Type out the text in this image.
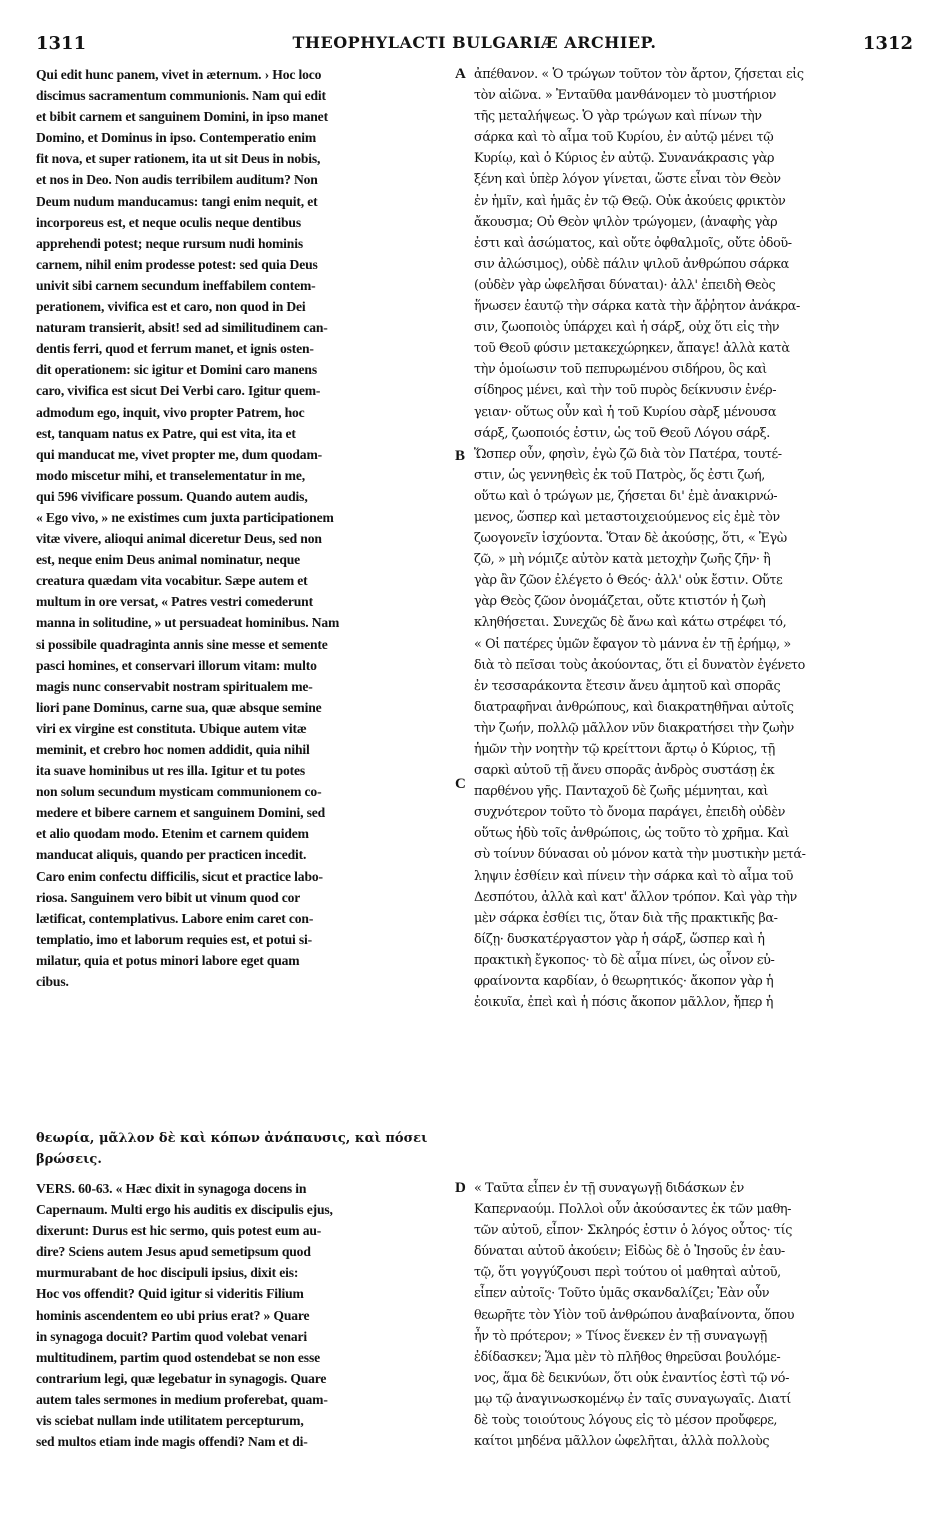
1311	THEOPHYLACTI BULGARIÆ ARCHIEP.	1312
Qui edit hunc panem, vivet in æternum. › Hoc loco
discimus sacramentum communionis. Nam qui edit
et bibit carnem et sanguinem Domini, in ipso manet
Domino, et Dominus in ipso. Contemperatio enim
fit nova, et super rationem, ita ut sit Deus in nobis,
et nos in Deo. Non audis terribilem auditum? Non
Deum nudum manducamus: tangi enim nequit, et
incorporeus est, et neque oculis neque dentibus
apprehendi potest; neque rursum nudi hominis
carnem, nihil enim prodesse potest: sed quia Deus
univit sibi carnem secundum ineffabilem contem-
perationem, vivifica est et caro, non quod in Dei
naturam transierit, absit! sed ad similitudinem can-
dentis ferri, quod et ferrum manet, et ignis osten-
dit operationem: sic igitur et Domini caro manens
caro, vivifica est sicut Dei Verbi caro. Igitur quem-
admodum ego, inquit, vivo propter Patrem, hoc
est, tanquam natus ex Patre, qui est vita, ita et
qui manducat me, vivet propter me, dum quodam-
modo miscetur mihi, et transelementatur in me,
qui 596 vivificare possum. Quando autem audis,
« Ego vivo, » ne existimes cum juxta participationem
vitæ vivere, alioqui animal diceretur Deus, sed non
est, neque enim Deus animal nominatur, neque
creatura quædam vita vocabitur. Sæpe autem et
multum in ore versat, « Patres vestri comederunt
manna in solitudine, » ut persuadeat hominibus. Nam
si possibile quadraginta annis sine messe et semente
pasci homines, et conservari illorum vitam: multo
magis nunc conservabit nostram spiritualem me-
liori pane Dominus, carne sua, quæ absque semine
viri ex virgine est constituta. Ubique autem vitæ
meminit, et crebro hoc nomen addidit, quia nihil
ita suave hominibus ut res illa. Igitur et tu potes
non solum secundum mysticam communionem co-
medere et bibere carnem et sanguinem Domini, sed
et alio quodam modo. Etenim et carnem quidem
manducat aliquis, quando per practicen incedit.
Caro enim confectu difficilis, sicut et practice labo-
riosa. Sanguinem vero bibit ut vinum quod cor
lætificat, contemplativus. Labore enim caret con-
templatio, imo et laborum requies est, et potui si-
milatur, quia et potus minori labore eget quam
cibus.
θεωρία, μᾶλλον δὲ καὶ κόπων ἀνάπαυσις, καὶ πόσει
βρώσεις.
VERS. 60-63. « Hæc dixit in synagoga docens in
Capernaum. Multi ergo his auditis ex discipulis ejus,
dixerunt: Durus est hic sermo, quis potest eum au-
dire? Sciens autem Jesus apud semetipsum quod
murmurabant de hoc discipuli ipsius, dixit eis:
Hoc vos offendit? Quid igitur si videritis Filium
hominis ascendentem eo ubi prius erat? » Quare
in synagoga docuit? Partim quod volebat venari
multitudinem, partim quod ostendebat se non esse
contrarium legi, quæ legebatur in synagogis. Quare
autem tales sermones in medium proferebat, quam-
vis sciebat nullam inde utilitatem percepturum,
sed multos etiam inde magis offendi? Nam et di-
ἀπέθανον. « Ὁ τρώγων τοῦτον τὸν ἄρτον, ζήσεται εἰς
τὸν αἰῶνα. » Ἐνταῦθα μανθάνομεν τὸ μυστήριον
τῆς μεταλήψεως. Ὁ γὰρ τρώγων καὶ πίνων τὴν
σάρκα καὶ τὸ αἷμα τοῦ Κυρίου, ἐν αὐτῷ μένει τῷ
Κυρίῳ, καὶ ὁ Κύριος ἐν αὐτῷ. Συνανάκρασις γὰρ
ξένη καὶ ὑπὲρ λόγον γίνεται, ὥστε εἶναι τὸν Θεὸν
ἐν ἡμῖν, καὶ ἡμᾶς ἐν τῷ Θεῷ. Οὐκ ἀκούεις φρικτὸν
ἄκουσμα; Οὐ Θεὸν ψιλὸν τρώγομεν, (ἀναφὴς γὰρ
ἐστι καὶ ἀσώματος, καὶ οὔτε ὀφθαλμοῖς, οὔτε ὀδοῦ-
σιν ἀλώσιμος), οὐδὲ πάλιν ψιλοῦ ἀνθρώπου σάρκα
(οὐδὲν γὰρ ὠφελῆσαι δύναται)· ἀλλ' ἐπειδὴ Θεὸς
ἥνωσεν ἑαυτῷ τὴν σάρκα κατὰ τὴν ἄῤῥητον ἀνάκρα-
σιν, ζωοποιὸς ὑπάρχει καὶ ἡ σάρξ, οὐχ ὅτι εἰς τὴν
τοῦ Θεοῦ φύσιν μετακεχώρηκεν, ἄπαγε! ἀλλὰ κατὰ
τὴν ὁμοίωσιν τοῦ πεπυρωμένου σιδήρου, ὃς καὶ
σίδηρος μένει, καὶ τὴν τοῦ πυρὸς δείκνυσιν ἐνέρ-
γειαν· οὕτως οὖν καὶ ἡ τοῦ Κυρίου σὰρξ μένουσα
σάρξ, ζωοποιός ἐστιν, ὡς τοῦ Θεοῦ Λόγου σάρξ.
Ὥσπερ οὖν, φησὶν, ἐγὼ ζῶ διὰ τὸν Πατέρα, τουτέ-
στιν, ὡς γεννηθεὶς ἐκ τοῦ Πατρὸς, ὅς ἐστι ζωή,
οὕτω καὶ ὁ τρώγων με, ζήσεται δι' ἐμὲ ἀνακιρνώ-
μενος, ὥσπερ καὶ μεταστοιχειούμενος εἰς ἐμὲ τὸν
ζωογονεῖν ἰσχύοντα. Ὅταν δὲ ἀκούσῃς, ὅτι, « Ἐγὼ
ζῶ, » μὴ νόμιζε αὐτὸν κατὰ μετοχὴν ζωῆς ζῆν· ἢ
γὰρ ἂν ζῶον ἐλέγετο ὁ Θεός· ἀλλ' οὐκ ἔστιν. Οὔτε
γὰρ Θεὸς ζῶον ὀνομάζεται, οὔτε κτιστόν ἡ ζωὴ
κληθήσεται. Συνεχῶς δὲ ἄνω καὶ κάτω στρέφει τό,
« Οἱ πατέρες ὑμῶν ἔφαγον τὸ μάννα ἐν τῇ ἐρήμῳ, »
διὰ τὸ πεῖσαι τοὺς ἀκούοντας, ὅτι εἰ δυνατὸν ἐγένετο
ἐν τεσσαράκοντα ἔτεσιν ἄνευ ἀμητοῦ καὶ σπορᾶς
διατραφῆναι ἀνθρώπους, καὶ διακρατηθῆναι αὐτοῖς
τὴν ζωήν, πολλῷ μᾶλλον νῦν διακρατήσει τὴν ζωὴν
ἡμῶν τὴν νοητὴν τῷ κρείττονι ἄρτῳ ὁ Κύριος, τῇ
σαρκὶ αὐτοῦ τῇ ἄνευ σπορᾶς ἀνδρὸς συστάσῃ ἐκ
παρθένου γῆς. Πανταχοῦ δὲ ζωῆς μέμνηται, καὶ
συχνότερον τοῦτο τὸ ὄνομα παράγει, ἐπειδὴ οὐδὲν
οὕτως ἡδὺ τοῖς ἀνθρώποις, ὡς τοῦτο τὸ χρῆμα. Καὶ
σὺ τοίνυν δύνασαι οὐ μόνον κατὰ τὴν μυστικὴν μετά-
ληψιν ἐσθίειν καὶ πίνειν τὴν σάρκα καὶ τὸ αἷμα τοῦ
Δεσπότου, ἀλλὰ καὶ κατ' ἄλλον τρόπον. Καὶ γὰρ τὴν
μὲν σάρκα ἐσθίει τις, ὅταν διὰ τῆς πρακτικῆς βα-
δίζῃ· δυσκατέργαστον γὰρ ἡ σάρξ, ὥσπερ καὶ ἡ
πρακτικὴ ἔγκοπος· τὸ δὲ αἷμα πίνει, ὡς οἶνον εὐ-
φραίνοντα καρδίαν, ὁ θεωρητικός· ἄκοπον γὰρ ἡ
ἐοικυῖα, ἐπεὶ καὶ ἡ πόσις ἄκοπον μᾶλλον, ἤπερ ἡ
« Ταῦτα εἶπεν ἐν τῇ συναγωγῇ διδάσκων ἐν
Καπερναούμ. Πολλοὶ οὖν ἀκούσαντες ἐκ τῶν μαθη-
τῶν αὐτοῦ, εἶπον· Σκληρός ἐστιν ὁ λόγος οὗτος· τίς
δύναται αὐτοῦ ἀκούειν; Εἰδὼς δὲ ὁ Ἰησοῦς ἐν ἑαυ-
τῷ, ὅτι γογγύζουσι περὶ τούτου οἱ μαθηταὶ αὐτοῦ,
εἶπεν αὐτοῖς· Τοῦτο ὑμᾶς σκανδαλίζει; Ἐὰν οὖν
θεωρῆτε τὸν Υἱὸν τοῦ ἀνθρώπου ἀναβαίνοντα, ὅπου
ἦν τὸ πρότερον; » Τίνος ἕνεκεν ἐν τῇ συναγωγῇ
ἐδίδασκεν; Ἅμα μὲν τὸ πλῆθος θηρεῦσαι βουλόμε-
νος, ἅμα δὲ δεικνύων, ὅτι οὐκ ἐναντίος ἐστὶ τῷ νό-
μῳ τῷ ἀναγινωσκομένῳ ἐν ταῖς συναγωγαῖς. Διατί
δὲ τοὺς τοιούτους λόγους εἰς τὸ μέσον προὔφερε,
καίτοι μηδένα μᾶλλον ὠφελῆται, ἀλλὰ πολλοὺς
A
B
C
D
